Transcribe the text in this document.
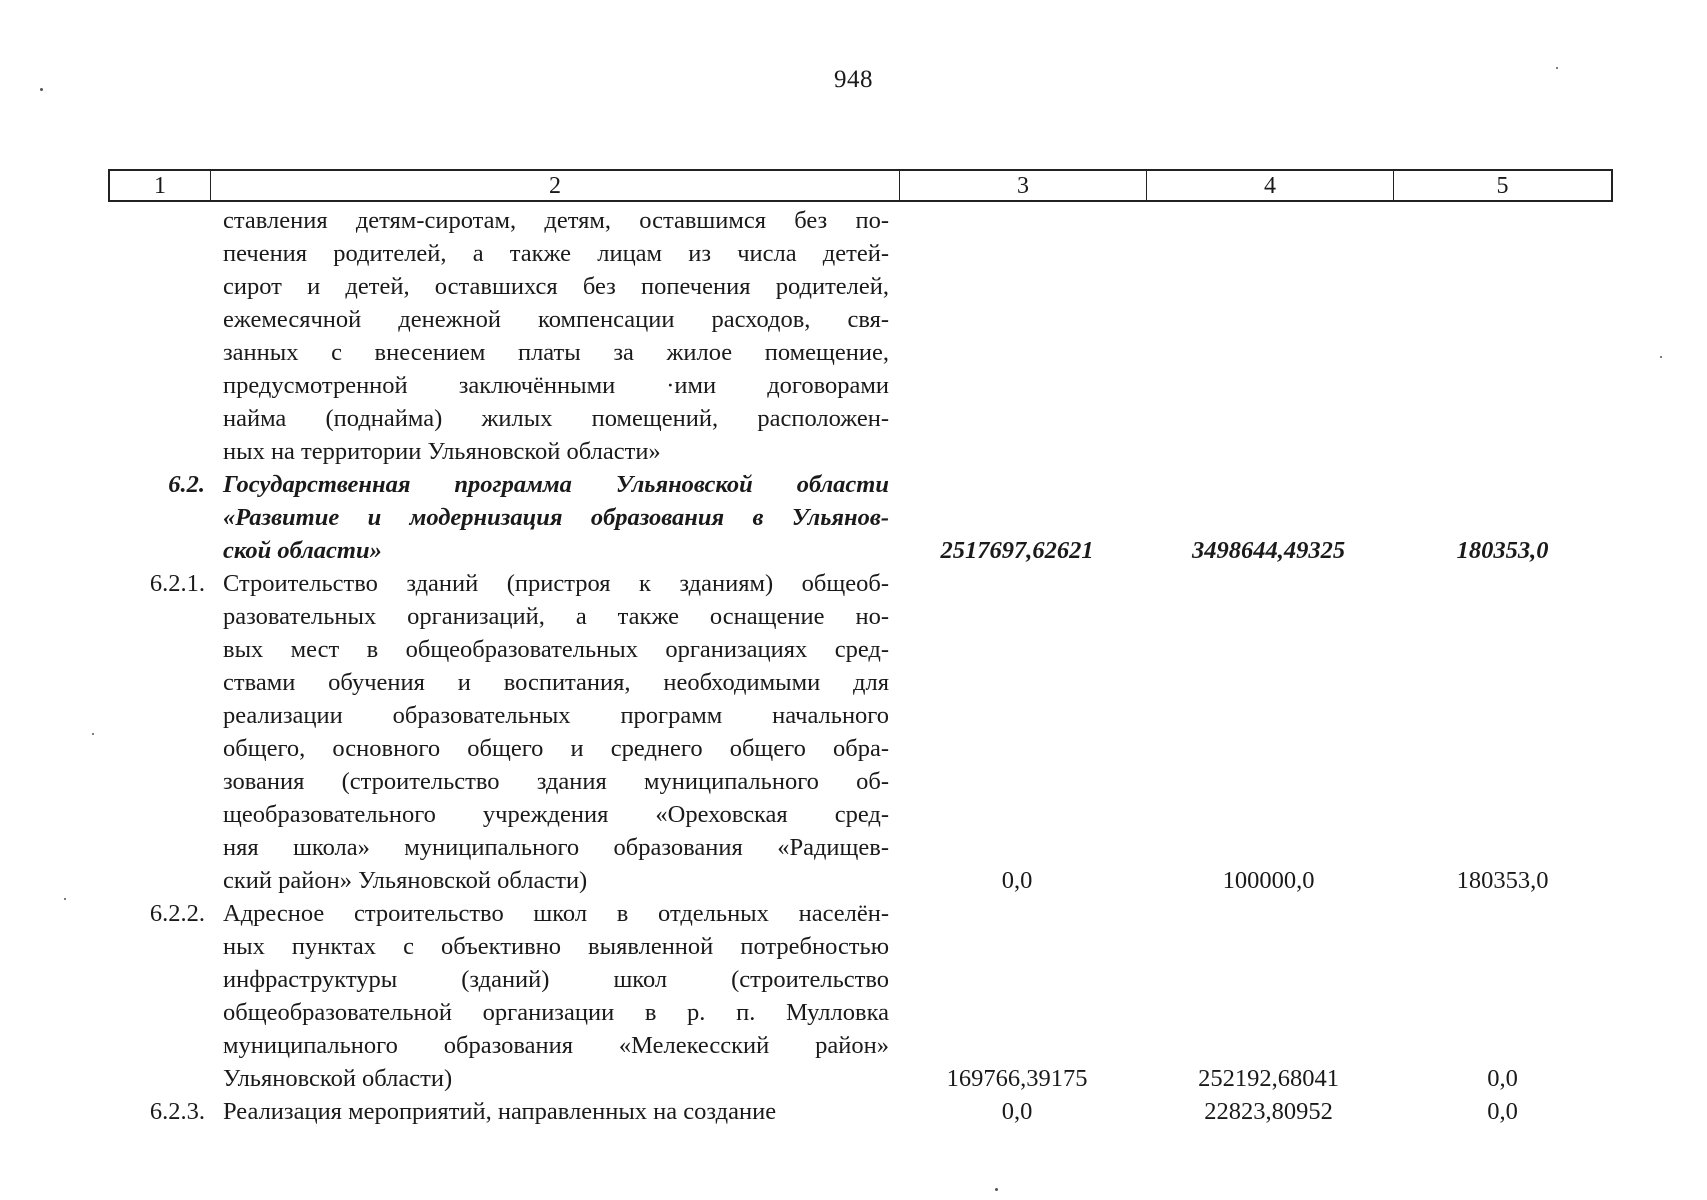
948
1	2	3	4	5
ставления детям-сиротам, детям, оставшимся без по-
печения родителей, а также лицам из числа детей-
сирот и детей, оставшихся без попечения родителей,
ежемесячной денежной компенсации расходов, свя-
занных с внесением платы за жилое помещение,
предусмотренной заключёнными ·ими договорами
найма (поднайма) жилых помещений, расположен-
ных на территории Ульяновской области»
6.2. Государственная программа Ульяновской области
«Развитие и модернизация образования в Ульянов-
ской области»	2517697,62621	3498644,49325	180353,0
6.2.1. Строительство зданий (пристроя к зданиям) общеоб-
разовательных организаций, а также оснащение но-
вых мест в общеобразовательных организациях сред-
ствами обучения и воспитания, необходимыми для
реализации образовательных программ начального
общего, основного общего и среднего общего обра-
зования (строительство здания муниципального об-
щеобразовательного учреждения «Ореховская сред-
няя школа» муниципального образования «Радищев-
ский район» Ульяновской области)	0,0	100000,0	180353,0
6.2.2. Адресное строительство школ в отдельных населён-
ных пунктах с объективно выявленной потребностью
инфраструктуры (зданий) школ (строительство
общеобразовательной организации в р. п. Мулловка
муниципального образования «Мелекесский район»
Ульяновской области)	169766,39175	252192,68041	0,0
6.2.3. Реализация мероприятий, направленных на создание	0,0	22823,80952	0,0
